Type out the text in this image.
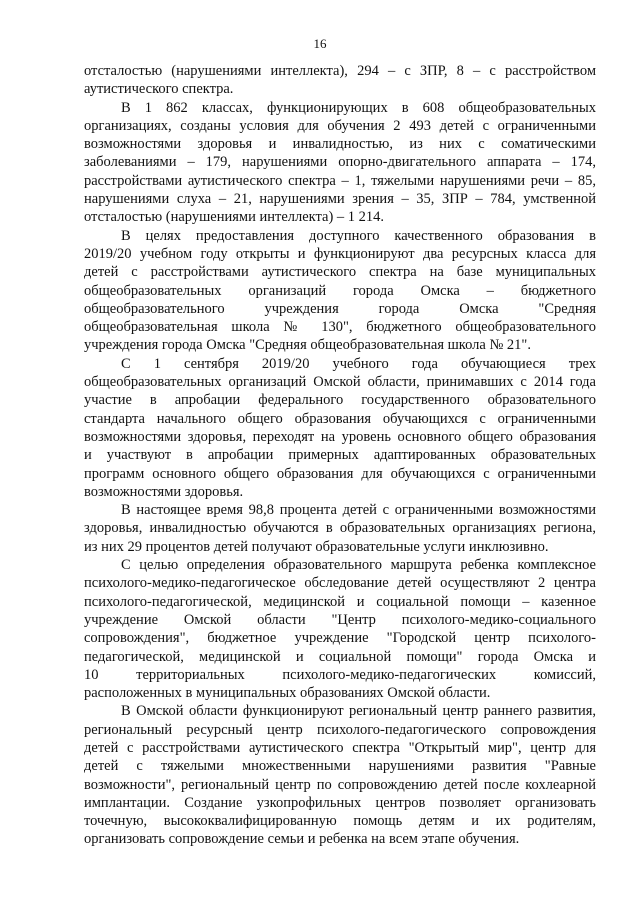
16
отсталостью (нарушениями интеллекта), 294 – с ЗПР, 8 – с расстройством
аутистического спектра.
В 1 862 классах, функционирующих в 608 общеобразовательных
организациях, созданы условия для обучения 2 493 детей с ограниченными
возможностями здоровья и инвалидностью, из них с соматическими
заболеваниями – 179, нарушениями опорно-двигательного аппарата – 174,
расстройствами аутистического спектра – 1, тяжелыми нарушениями речи – 85,
нарушениями слуха – 21, нарушениями зрения – 35, ЗПР – 784, умственной
отсталостью (нарушениями интеллекта) – 1 214.
В целях предоставления доступного качественного образования в
2019/20 учебном году открыты и функционируют два ресурсных класса для
детей с расстройствами аутистического спектра на базе муниципальных
общеобразовательных организаций города Омска – бюджетного
общеобразовательного учреждения города Омска "Средняя
общеобразовательная школа № 130", бюджетного общеобразовательного
учреждения города Омска "Средняя общеобразовательная школа № 21".
С 1 сентября 2019/20 учебного года обучающиеся трех
общеобразовательных организаций Омской области, принимавших с 2014 года
участие в апробации федерального государственного образовательного
стандарта начального общего образования обучающихся с ограниченными
возможностями здоровья, переходят на уровень основного общего образования
и участвуют в апробации примерных адаптированных образовательных
программ основного общего образования для обучающихся с ограниченными
возможностями здоровья.
В настоящее время 98,8 процента детей с ограниченными возможностями
здоровья, инвалидностью обучаются в образовательных организациях региона,
из них 29 процентов детей получают образовательные услуги инклюзивно.
С целью определения образовательного маршрута ребенка комплексное
психолого-медико-педагогическое обследование детей осуществляют 2 центра
психолого-педагогической, медицинской и социальной помощи – казенное
учреждение Омской области "Центр психолого-медико-социального
сопровождения", бюджетное учреждение "Городской центр психолого-
педагогической, медицинской и социальной помощи" города Омска и
10 территориальных психолого-медико-педагогических комиссий,
расположенных в муниципальных образованиях Омской области.
В Омской области функционируют региональный центр раннего развития,
региональный ресурсный центр психолого-педагогического сопровождения
детей с расстройствами аутистического спектра "Открытый мир", центр для
детей с тяжелыми множественными нарушениями развития "Равные
возможности", региональный центр по сопровождению детей после кохлеарной
имплантации. Создание узкопрофильных центров позволяет организовать
точечную, высококвалифицированную помощь детям и их родителям,
организовать сопровождение семьи и ребенка на всем этапе обучения.
